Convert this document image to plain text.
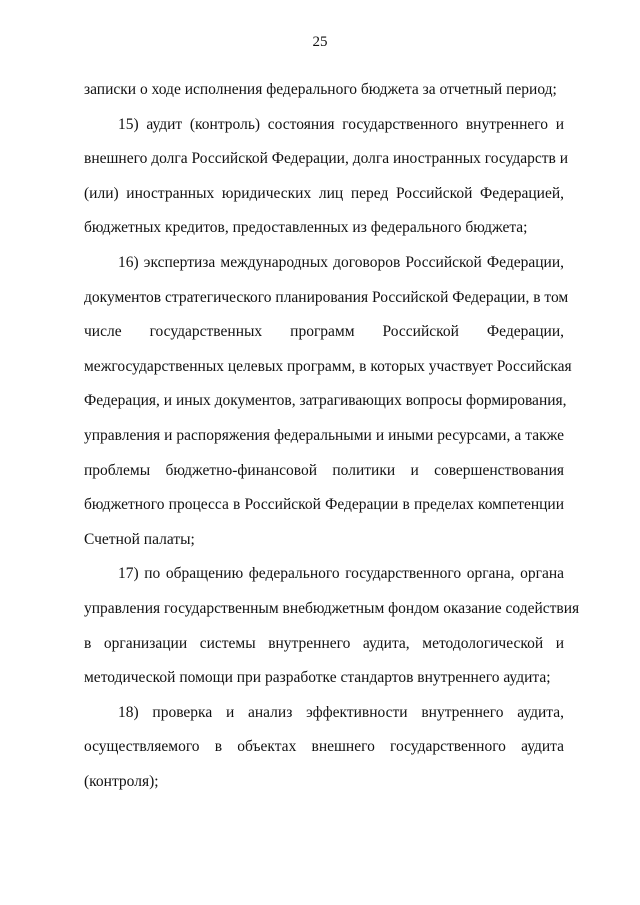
25
записки о ходе исполнения федерального бюджета за отчетный период;
15) аудит (контроль) состояния государственного внутреннего и
внешнего долга Российской Федерации, долга иностранных государств и
(или) иностранных юридических лиц перед Российской Федерацией,
бюджетных кредитов, предоставленных из федерального бюджета;
16) экспертиза международных договоров Российской Федерации,
документов стратегического планирования Российской Федерации, в том
числе государственных программ Российской Федерации,
межгосударственных целевых программ, в которых участвует Российская
Федерация, и иных документов, затрагивающих вопросы формирования,
управления и распоряжения федеральными и иными ресурсами, а также
проблемы бюджетно-финансовой политики и совершенствования
бюджетного процесса в Российской Федерации в пределах компетенции
Счетной палаты;
17) по обращению федерального государственного органа, органа
управления государственным внебюджетным фондом оказание содействия
в организации системы внутреннего аудита, методологической и
методической помощи при разработке стандартов внутреннего аудита;
18) проверка и анализ эффективности внутреннего аудита,
осуществляемого в объектах внешнего государственного аудита
(контроля);
